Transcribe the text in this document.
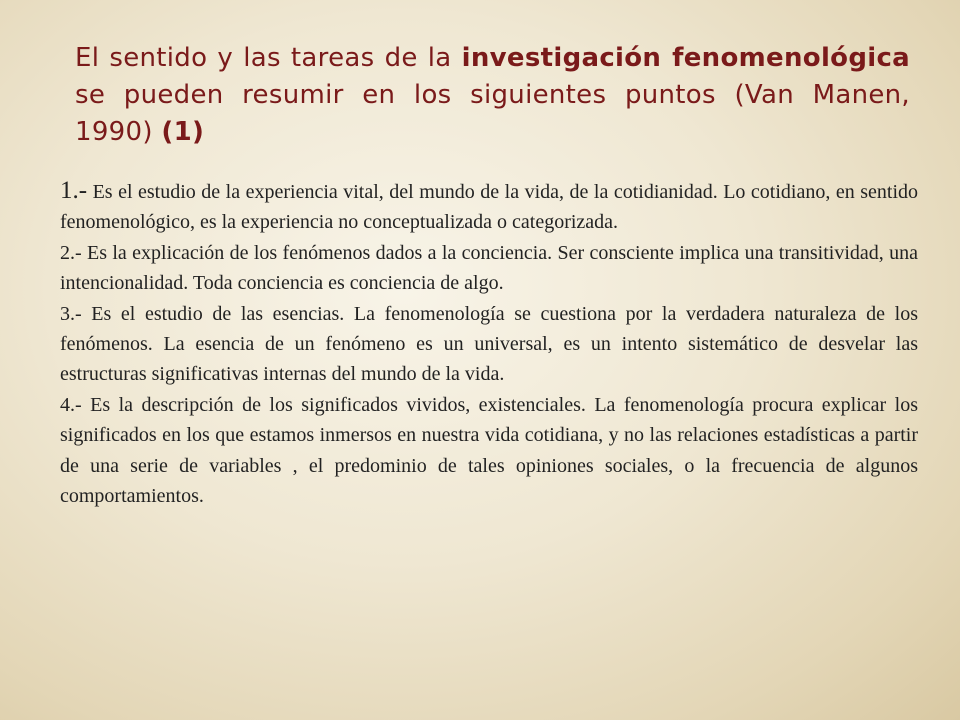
El sentido y las tareas de la investigación fenomenológica se pueden resumir en los siguientes puntos (Van Manen, 1990) (1)

1.- Es el estudio de la experiencia vital, del mundo de la vida, de la cotidianidad. Lo cotidiano, en sentido fenomenológico, es la experiencia no conceptualizada o categorizada.

2.- Es la explicación de los fenómenos dados a la conciencia. Ser consciente implica una transitividad, una intencionalidad. Toda conciencia es conciencia de algo.

3.- Es el estudio de las esencias. La fenomenología se cuestiona por la verdadera naturaleza de los fenómenos. La esencia de un fenómeno es un universal, es un intento sistemático de desvelar las estructuras significativas internas del mundo de la vida.

4.- Es la descripción de los significados vividos, existenciales. La fenomenología procura explicar los significados en los que estamos inmersos en nuestra vida cotidiana, y no las relaciones estadísticas a partir de una serie de variables , el predominio de tales opiniones sociales, o la frecuencia de algunos comportamientos.
